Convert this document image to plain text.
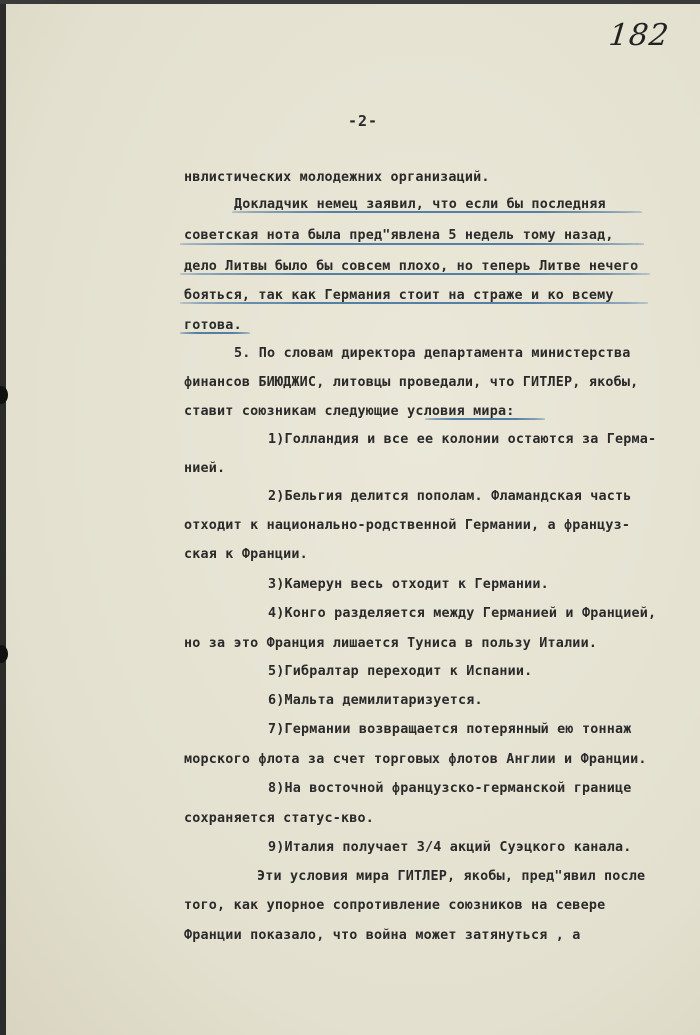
182
-2-
нвлистических молодежних организаций.
Докладчик немец заявил, что если бы последняя
советская нота была пред"явлена 5 недель тому назад,
дело Литвы было бы совсем плохо, но теперь Литве нечего
бояться, так как Германия стоит на страже и ко всему
готова.
5. По словам директора департамента министерства
финансов БИЮДЖИС, литовцы проведали, что ГИТЛЕР, якобы,
ставит союзникам следующие условия мира:
1)Голландия и все ее колонии остаются за Герма-
нией.
2)Бельгия делится пополам. Фламандская часть
отходит к национально-родственной Германии, а француз-
ская к Франции.
3)Камерун весь отходит к Германии.
4)Конго разделяется между Германией и Францией,
но за это Франция лишается Туниса в пользу Италии.
5)Гибралтар переходит к Испании.
6)Мальта демилитаризуется.
7)Германии возвращается потерянный ею тоннаж
морского флота за счет торговых флотов Англии и Франции.
8)На восточной французско-германской границе
сохраняется статус-кво.
9)Италия получает 3/4 акций Суэцкого канала.
Эти условия мира ГИТЛЕР, якобы, пред"явил после
того, как упорное сопротивление союзников на севере
Франции показало, что война может затянуться , а
